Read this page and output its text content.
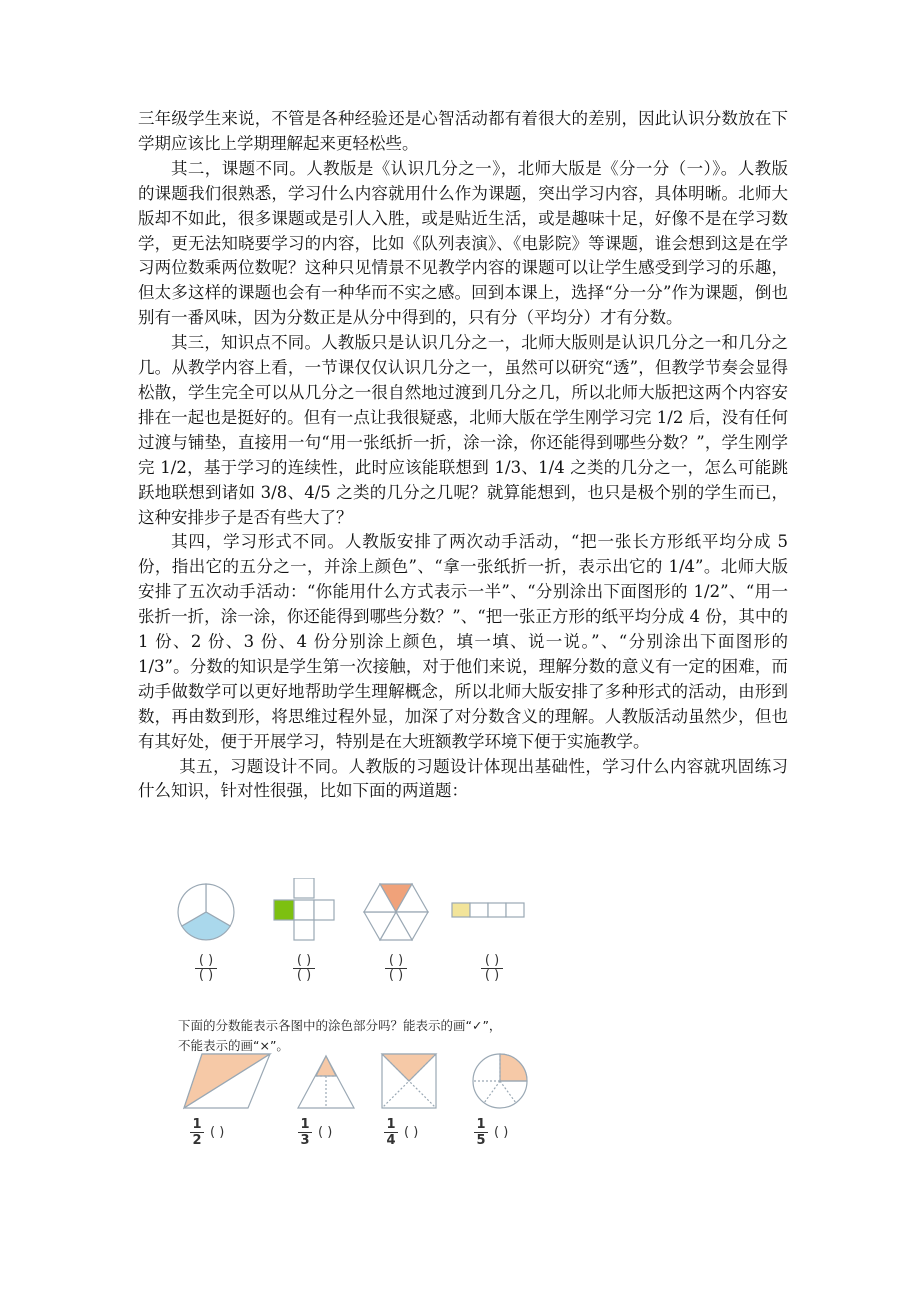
三年级学生来说，不管是各种经验还是心智活动都有着很大的差别，因此认识分数放在下学期应该比上学期理解起来更轻松些。

其二，课题不同。人教版是《认识几分之一》，北师大版是《分一分（一）》。人教版的课题我们很熟悉，学习什么内容就用什么作为课题，突出学习内容，具体明晰。北师大版却不如此，很多课题或是引人入胜，或是贴近生活，或是趣味十足，好像不是在学习数学，更无法知晓要学习的内容，比如《队列表演》、《电影院》等课题，谁会想到这是在学习两位数乘两位数呢？这种只见情景不见教学内容的课题可以让学生感受到学习的乐趣，但太多这样的课题也会有一种华而不实之感。回到本课上，选择“分一分”作为课题，倒也别有一番风味，因为分数正是从分中得到的，只有分（平均分）才有分数。

其三，知识点不同。人教版只是认识几分之一，北师大版则是认识几分之一和几分之几。从教学内容上看，一节课仅仅认识几分之一，虽然可以研究“透”，但教学节奏会显得松散，学生完全可以从几分之一很自然地过渡到几分之几，所以北师大版把这两个内容安排在一起也是挺好的。但有一点让我很疑惑，北师大版在学生刚学习完 1/2 后，没有任何过渡与铺垫，直接用一句“用一张纸折一折，涂一涂，你还能得到哪些分数？”，学生刚学完 1/2，基于学习的连续性，此时应该能联想到 1/3、1/4 之类的几分之一，怎么可能跳跃地联想到诸如 3/8、4/5 之类的几分之几呢？就算能想到，也只是极个别的学生而已，这种安排步子是否有些大了？

其四，学习形式不同。人教版安排了两次动手活动，“把一张长方形纸平均分成 5 份，指出它的五分之一，并涂上颜色”、“拿一张纸折一折，表示出它的 1/4”。北师大版安排了五次动手活动：“你能用什么方式表示一半”、“分别涂出下面图形的 1/2”、“用一张折一折，涂一涂，你还能得到哪些分数？”、“把一张正方形的纸平均分成 4 份，其中的 1 份、2 份、3 份、4 份分别涂上颜色，填一填、说一说。”、“分别涂出下面图形的 1/3”。分数的知识是学生第一次接触，对于他们来说，理解分数的意义有一定的困难，而动手做数学可以更好地帮助学生理解概念，所以北师大版安排了多种形式的活动，由形到数，再由数到形，将思维过程外显，加深了对分数含义的理解。人教版活动虽然少，但也有其好处，便于开展学习，特别是在大班额教学环境下便于实施教学。

其五，习题设计不同。人教版的习题设计体现出基础性，学习什么内容就巩固练习什么知识，针对性很强，比如下面的两道题：

( )
( )
( )
( )
( )
( )
( )
( )

下面的分数能表示各图中的涂色部分吗？能表示的画“✓”，

不能表示的画“×”。

1
2
( )
1
3
( )
1
4
( )
1
5
( )
